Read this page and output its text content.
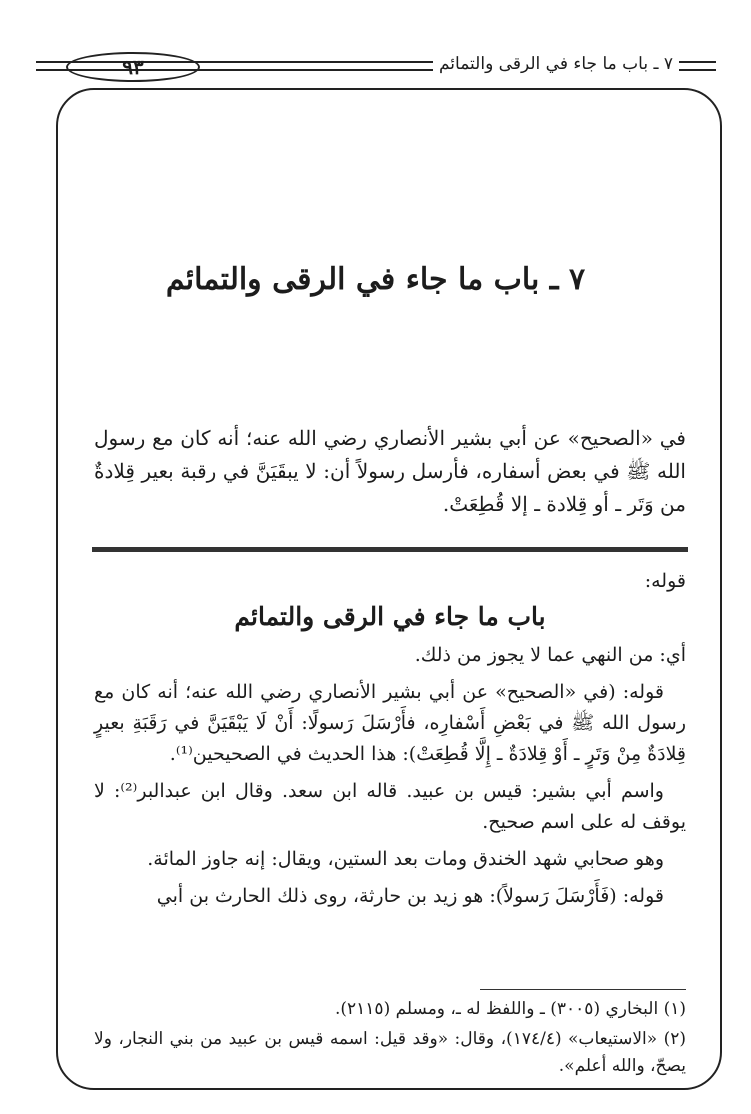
٩٣	٧ ـ باب ما جاء في الرقى والتمائم
٧ ـ باب ما جاء في الرقى والتمائم
في «الصحيح» عن أبي بشير الأنصاري رضي الله عنه؛ أنه كان مع رسول الله ﷺ في بعض أسفاره، فأرسل رسولاً أن: لا يبقَيَنَّ في رقبة بعير قِلادةٌ من وَتَر ـ أو قِلادة ـ إلا قُطِعَتْ.

قوله:

باب ما جاء في الرقى والتمائم

أي: من النهي عما لا يجوز من ذلك.

قوله: (في «الصحيح» عن أبي بشير الأنصاري رضي الله عنه؛ أنه كان مع رسول الله ﷺ في بَعْضِ أَسْفارِه، فأَرْسَلَ رَسولًا: أَنْ لَا يَبْقَيَنَّ في رَقَبَةِ بعيرٍ قِلادَةٌ مِنْ وَتَرٍ ـ أَوْ قِلادَةٌ ـ إِلَّا قُطِعَتْ): هذا الحديث في الصحيحين⁽¹⁾.

واسم أبي بشير: قيس بن عبيد. قاله ابن سعد. وقال ابن عبدالبر⁽²⁾: لا يوقف له على اسم صحيح.

وهو صحابي شهد الخندق ومات بعد الستين، ويقال: إنه جاوز المائة.

قوله: (فَأَرْسَلَ رَسولاً): هو زيد بن حارثة، روى ذلك الحارث بن أبي

(١) البخاري (٣٠٠٥) ـ واللفظ له ـ، ومسلم (٢١١٥).

(٢) «الاستيعاب» (١٧٤/٤)، وقال: «وقد قيل: اسمه قيس بن عبيد من بني النجار، ولا يصحّ، والله أعلم».
